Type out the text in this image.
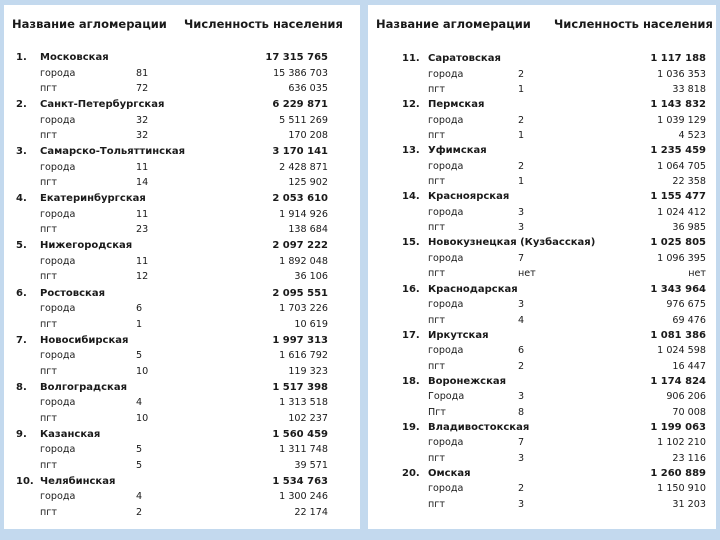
Название агломерации Численность населения
1. Московская	17 315 765
города	81	15 386 703
пгт	72	636 035
2. Санкт-Петербургская	6 229 871
города	32	5 511 269
пгт	32	170 208
3. Самарско-Тольяттинская	3 170 141
города	11	2 428 871
пгт	14	125 902
4. Екатеринбургская	2 053 610
города	11	1 914 926
пгт	23	138 684
5. Нижегородская	2 097 222
города	11	1 892 048
пгт	12	36 106
6. Ростовская	2 095 551
города	6	1 703 226
пгт	1	10 619
7. Новосибирская	1 997 313
города	5	1 616 792
пгт	10	119 323
8. Волгоградская	1 517 398
города	4	1 313 518
пгт	10	102 237
9. Казанская	1 560 459
города	5	1 311 748
пгт	5	39 571
10. Челябинская	1 534 763
города	4	1 300 246
пгт	2	22 174
Название агломерации Численность населения
11. Саратовская	1 117 188
города	2	1 036 353
пгт	1	33 818
12. Пермская	1 143 832
города	2	1 039 129
пгт	1	4 523
13. Уфимская	1 235 459
города	2	1 064 705
пгт	1	22 358
14. Красноярская	1 155 477
города	3	1 024 412
пгт	3	36 985
15. Новокузнецкая (Кузбасская)	1 025 805
города	7	1 096 395
пгт	нет	нет
16. Краснодарская	1 343 964
города	3	976 675
пгт	4	69 476
17. Иркутская	1 081 386
города	6	1 024 598
пгт	2	16 447
18. Воронежская	1 174 824
Города	3	906 206
Пгт	8	70 008
19. Владивостокская	1 199 063
города	7	1 102 210
пгт	3	23 116
20. Омская	1 260 889
города	2	1 150 910
пгт	3	31 203
